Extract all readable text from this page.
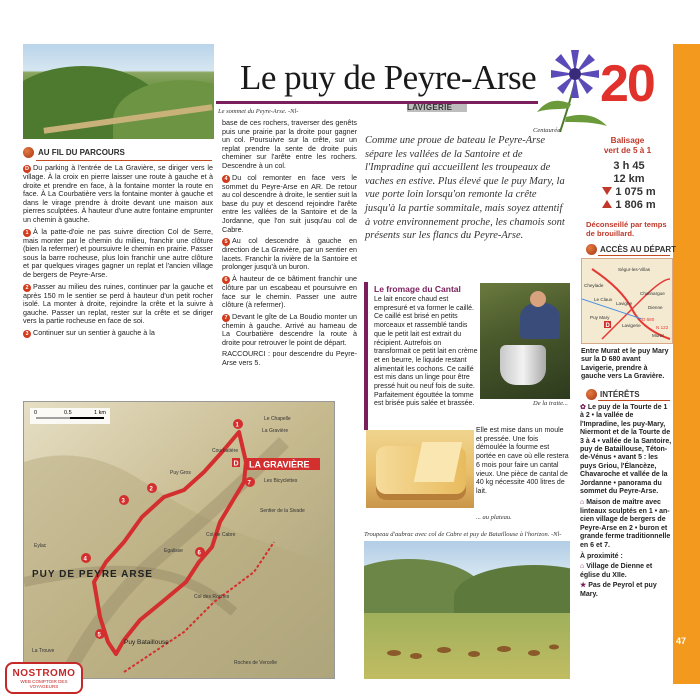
Le sommet du Peyre-Arse. -Nl-
Le puy de Peyre-Arse
LAVIGERIE
Centaurée.
20
47
AU FIL DU PARCOURS

D Du parking à l'entrée de La Gravière, se diriger vers le village. À la croix en pierre laisser une route à gauche et à droite et prendre en face, à la fontaine monter la route en face. À La Courbatière vers la fontaine monter à gauche et dans le virage prendre à droite devant une maison aux pierres sculptées. À hauteur d'une autre fontaine emprunter un chemin à gauche.

1 À la patte-d'oie ne pas suivre direction Col de Serre, mais monter par le chemin du milieu, franchir une clôture (bien la refermer) et poursuivre le chemin en prairie. Passer sous la barre rocheuse, plus loin franchir une autre clôture et par quelques virages gagner un replat et l'ancien village de bergers de Peyre-Arse.

2 Passer au milieu des ruines, continuer par la gauche et après 150 m le sentier se perd à hauteur d'un petit rocher isolé. La monter à droite, rejoindre la crête et la suivre à gauche. Passer un replat, rester sur la crête et se diriger vers la partie rocheuse en face de soi.

3 Continuer sur un sentier à gauche à la

base de ces rochers, traverser des genêts puis une prairie par la droite pour gagner un col. Poursuivre sur la crête, sur un replat prendre la sente de droite puis cheminer sur l'arête entre les rochers. Descendre à un col.

4 Du col remonter en face vers le sommet du Peyre-Arse en AR. De retour au col descendre à droite, le sentier suit la base du puy et descend rejoindre l'arête entre les vallées de la Santoire et de la Jordanne, que l'on suit jusqu'au col de Cabre.

5 Au col descendre à gauche en direction de La Gravière, par un sentier en lacets. Franchir la rivière de la Santoire et prolonger jusqu'à un buron.

6 À hauteur de ce bâtiment franchir une clôture par un escabeau et poursuivre en face sur le chemin. Passer une autre clôture (à refermer).

7 Devant le gîte de La Boudio monter un chemin à gauche. Arrivé au hameau de La Courbatière descendre la route à droite pour retrouver le point de départ.

RACCOURCI : pour descendre du Peyre-Arse vers 5.

Comme une proue de bateau le Peyre-Arse sépare les vallées de la Santoire et de l'Impradine qui accueillent les troupeaux de vaches en estive. Plus élevé que le puy Mary, la vue porte loin lorsqu'on remonte la crête jusqu'à la partie sommitale, mais soyez attentif à votre environnement proche, les chamois sont présents sur les flancs du Peyre-Arse.
Le fromage du Cantal
Le lait encore chaud est empresuré et va former le caillé. Ce caillé est brisé en petits morceaux et rassemblé tandis que le petit lait est extrait du récipient. Autrefois on transformait ce petit lait en crème et en beurre, le liquide restant alimentait les cochons. Ce caillé est mis dans un linge pour être pressé huit ou neuf fois de suite. Parfaitement égouttée la tomme est brisée puis salée et brassée.	De la traite...
Elle est mise dans un moule et pressée. Une fois démoulée la fourme est portée en cave où elle restera 6 mois pour faire un cantal vieux. Une pièce de cantal de 40 kg nécessite 400 litres de lait.
... au plateau.
Troupeau d'aubrac avec col de Cabre et puy de Bataillouse à l'horizon. -Nl-
0	0.5	1 km
1
2
3
4
5
6
7
D LA GRAVIÈRE
PUY DE PEYRE ARSE
Puy Bataillouse
Le Chapelle
Les Bicyclettes
Courbatière
Puy Gros
La Gravière
Col de Cabre
Egalisse
Sentier de la Sivade
Roches de Vercelle
Col des Roches
Eylac
La Trouve
Balisage
vert de 5 à 1
3 h 45
12 km
1 075 m
1 806 m
Déconseillé par temps de brouillard.
ACCÈS AU DÉPART
Ségur-les-Villas
Cheylade
Le Claux
Lavigne
Chalinargue
Puy Mary
Lavigerie
Dienne
Murat
D 680
N 122
D
Entre Murat et le puy Mary sur la D 680 avant Lavigerie, prendre à gauche vers La Gravière.
INTÉRÊTS

✿ Le puy de la Tourte de 1 à 2 • la vallée de l'Impradine, les puy-Mary, Niermont et de la Tourte de 3 à 4 • vallée de la Santoire, puy de Bataillouse, Téton-de-Vénus • avant 5 : les puys Griou, l'Élancèze, Chavaroche et vallée de la Jordanne • panorama du sommet du Peyre-Arse.

⌂ Maison de maître avec linteaux sculptés en 1 • an-cien village de bergers de Peyre-Arse en 2 • buron et grande ferme traditionnelle en 6 et 7.

À proximité :

⌂ Village de Dienne et église du XIIe.

★ Pas de Peyrol et puy Mary.

NOSTROMO
WEB COMPTOIR DES VOYAGEURS
